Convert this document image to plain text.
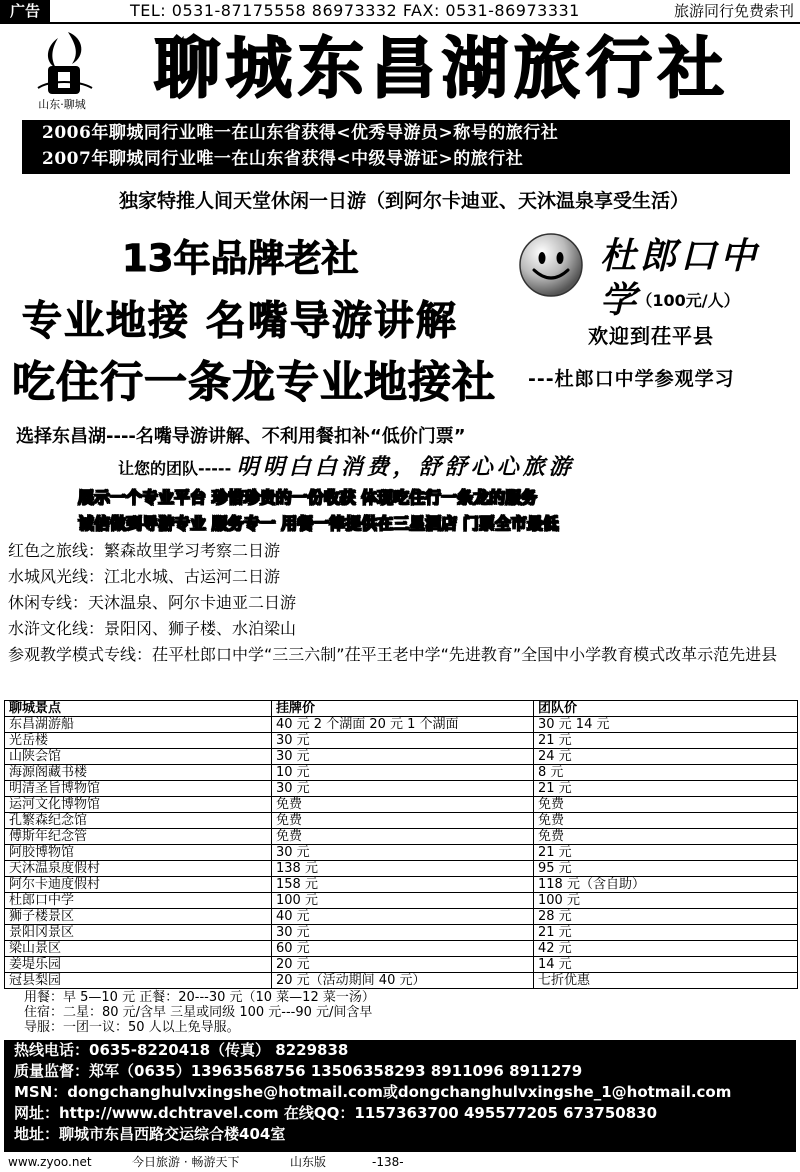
广告	TEL: 0531-87175558 86973332 FAX: 0531-86973331	旅游同行免费索刊
山东·聊城	聊城东昌湖旅行社
2006年聊城同行业唯一在山东省获得<优秀导游员>称号的旅行社
2007年聊城同行业唯一在山东省获得<中级导游证>的旅行社
独家特推人间天堂休闲一日游（到阿尔卡迪亚、天沐温泉享受生活）
13年品牌老社
专业地接 名嘴导游讲解
吃住行一条龙专业地接社
杜郎口中学
（100元/人）
欢迎到茌平县
---杜郎口中学参观学习
选择东昌湖----名嘴导游讲解、不利用餐扣补“低价门票”
让您的团队----- 明明白白消费，舒舒心心旅游
展示一个专业平台 珍惜珍贵的一份收获 体现吃住行一条龙的服务
诚信做到导游专业 服务专一 用餐一律提供在三星酒店 门票全市最低
红色之旅线：繁森故里学习考察二日游
水城风光线：江北水城、古运河二日游
休闲专线：天沐温泉、阿尔卡迪亚二日游
水浒文化线：景阳冈、狮子楼、水泊梁山
参观教学模式专线：茌平杜郎口中学“三三六制”茌平王老中学“先进教育”全国中小学教育模式改革示范先进县
聊城景点	挂牌价	团队价
东昌湖游船	40 元 2 个湖面 20 元 1 个湖面	30 元 14 元
光岳楼	30 元	21 元
山陕会馆	30 元	24 元
海源阁藏书楼	10 元	8 元
明清圣旨博物馆	30 元	21 元
运河文化博物馆	免费	免费
孔繁森纪念馆	免费	免费
傅斯年纪念管	免费	免费
阿胶博物馆	30 元	21 元
天沐温泉度假村	138 元	95 元
阿尔卡迪度假村	158 元	118 元（含自助）
杜郎口中学	100 元	100 元
狮子楼景区	40 元	28 元
景阳冈景区	30 元	21 元
梁山景区	60 元	42 元
姜堤乐园	20 元	14 元
冠县梨园	20 元（活动期间 40 元）	七折优惠
用餐：早 5—10 元 正餐：20---30 元（10 菜—12 菜一汤）
住宿：二星：80 元/含早 三星或同级 100 元---90 元/间含早
导服：一团一议：50 人以上免导服。
热线电话：0635-8220418（传真） 8229838
质量监督：郑军（0635）13963568756 13506358293 8911096 8911279
MSN：dongchanghulvxingshe@hotmail.com或dongchanghulvxingshe_1@hotmail.com
网址：http://www.dchtravel.com 在线QQ：1157363700 495577205 673750830
地址：聊城市东昌西路交运综合楼404室
www.zyoo.net	今日旅游 · 畅游天下	山东版	-138-
